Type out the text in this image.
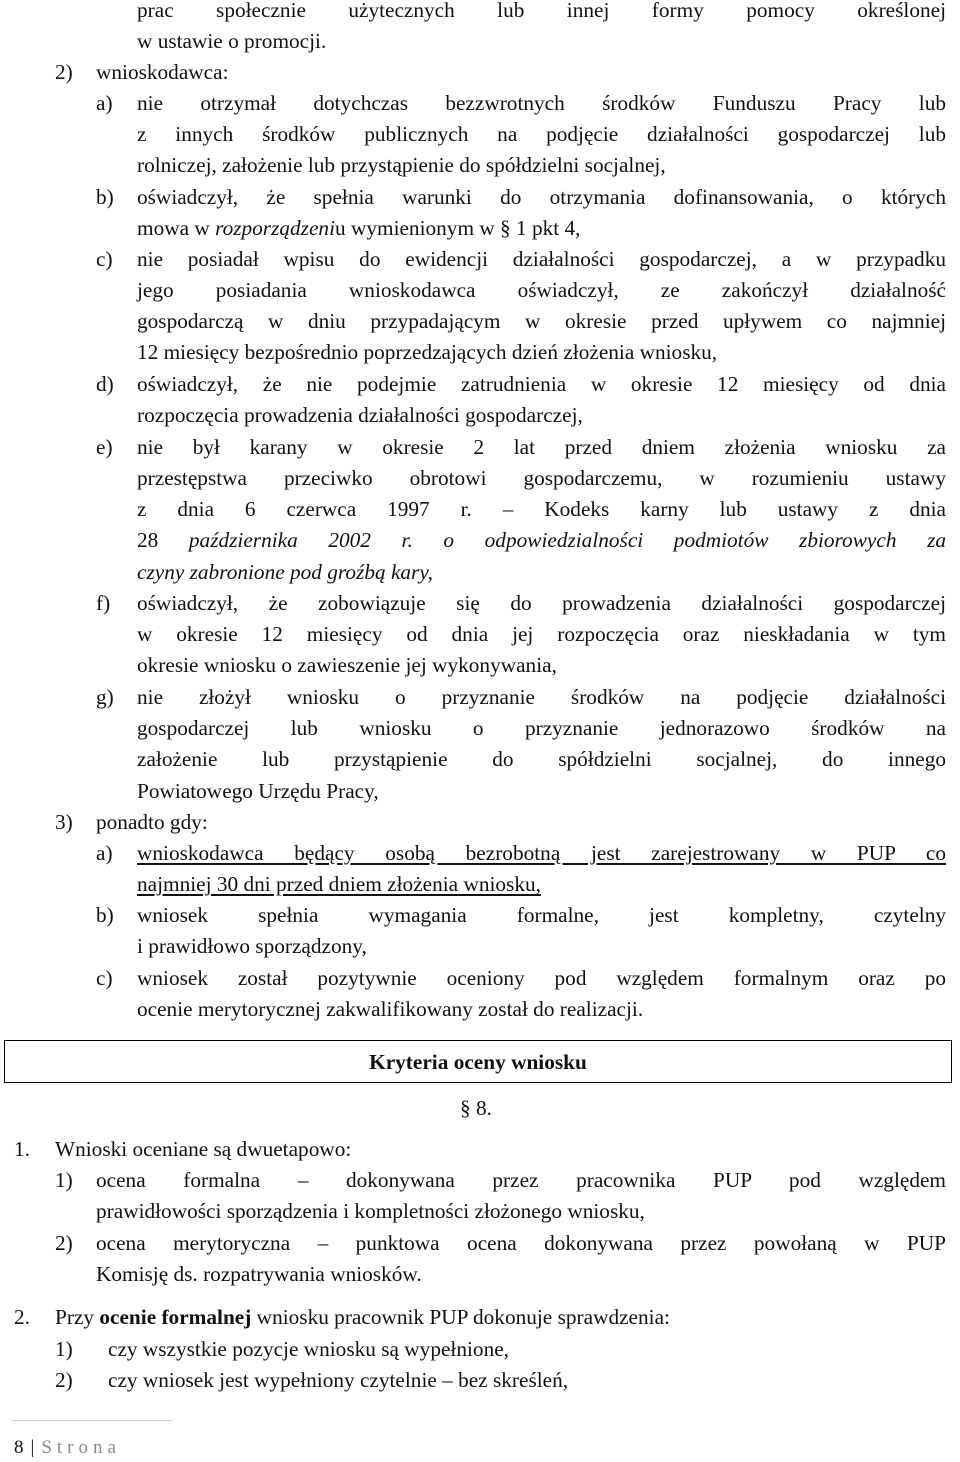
prac społecznie użytecznych lub innej formy pomocy określonej
w ustawie o promocji.
2) wnioskodawca:
a) nie otrzymał dotychczas bezzwrotnych środków Funduszu Pracy lub
z innych środków publicznych na podjęcie działalności gospodarczej lub
rolniczej, założenie lub przystąpienie do spółdzielni socjalnej,
b) oświadczył, że spełnia warunki do otrzymania dofinansowania, o których
mowa w rozporządzeniu wymienionym w § 1 pkt 4,
c) nie posiadał wpisu do ewidencji działalności gospodarczej, a w przypadku
jego posiadania wnioskodawca oświadczył, ze zakończył działalność
gospodarczą w dniu przypadającym w okresie przed upływem co najmniej
12 miesięcy bezpośrednio poprzedzających dzień złożenia wniosku,
d) oświadczył, że nie podejmie zatrudnienia w okresie 12 miesięcy od dnia
rozpoczęcia prowadzenia działalności gospodarczej,
e) nie był karany w okresie 2 lat przed dniem złożenia wniosku za
przestępstwa przeciwko obrotowi gospodarczemu, w rozumieniu ustawy
z dnia 6 czerwca 1997 r. – Kodeks karny lub ustawy z dnia
28 października 2002 r. o odpowiedzialności podmiotów zbiorowych za
czyny zabronione pod groźbą kary,
f) oświadczył, że zobowiązuje się do prowadzenia działalności gospodarczej
w okresie 12 miesięcy od dnia jej rozpoczęcia oraz nieskładania w tym
okresie wniosku o zawieszenie jej wykonywania,
g) nie złożył wniosku o przyznanie środków na podjęcie działalności
gospodarczej lub wniosku o przyznanie jednorazowo środków na
założenie lub przystąpienie do spółdzielni socjalnej, do innego
Powiatowego Urzędu Pracy,
3) ponadto gdy:
a) wnioskodawca będący osobą bezrobotną jest zarejestrowany w PUP co
najmniej 30 dni przed dniem złożenia wniosku,
b) wniosek spełnia wymagania formalne, jest kompletny, czytelny
i prawidłowo sporządzony,
c) wniosek został pozytywnie oceniony pod względem formalnym oraz po
ocenie merytorycznej zakwalifikowany został do realizacji.
Kryteria oceny wniosku
§ 8.
1. Wnioski oceniane są dwuetapowo:
1) ocena formalna – dokonywana przez pracownika PUP pod względem
prawidłowości sporządzenia i kompletności złożonego wniosku,
2) ocena merytoryczna – punktowa ocena dokonywana przez powołaną w PUP
Komisję ds. rozpatrywania wniosków.
2. Przy ocenie formalnej wniosku pracownik PUP dokonuje sprawdzenia:
1) czy wszystkie pozycje wniosku są wypełnione,
2) czy wniosek jest wypełniony czytelnie – bez skreśleń,
8 | Strona
